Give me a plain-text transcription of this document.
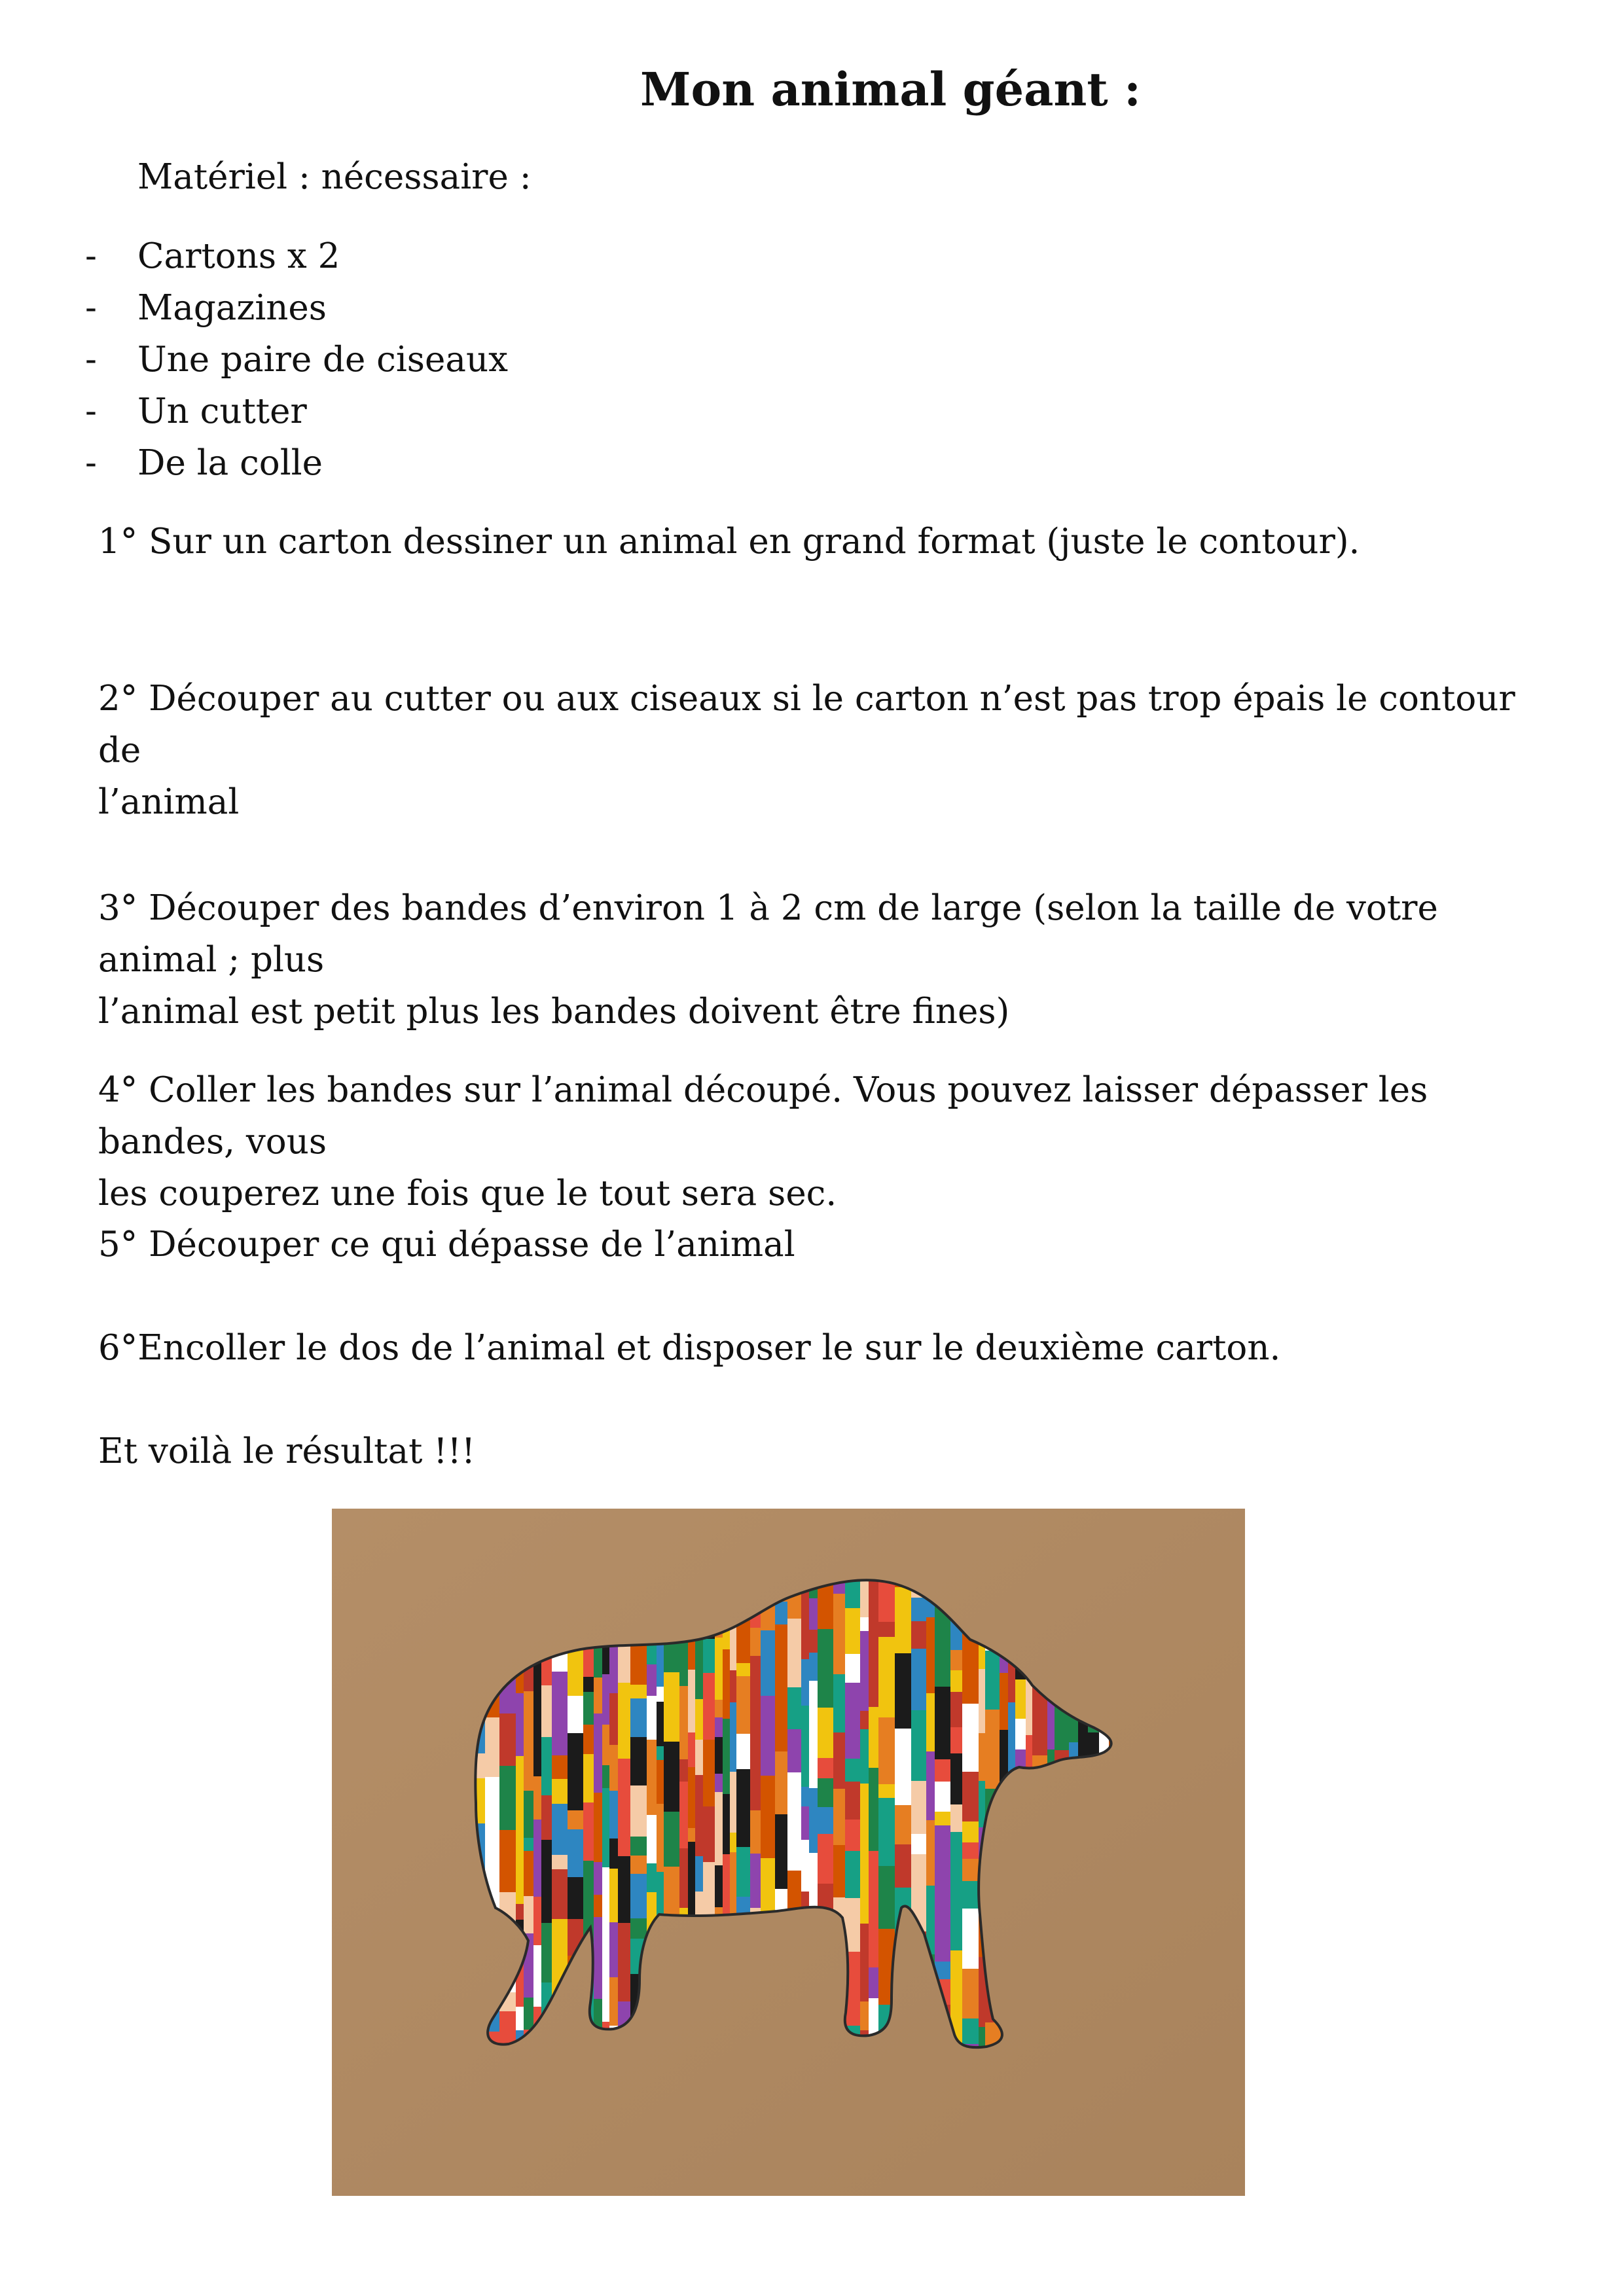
Mon animal géant :
Matériel : nécessaire :
- Cartons x 2
- Magazines
- Une paire de ciseaux
- Un cutter
- De la colle
1° Sur un carton dessiner un animal en grand format (juste le contour).
2° Découper au cutter ou aux ciseaux si le carton n’est pas trop épais le contour de
l’animal
3° Découper des bandes d’environ 1 à 2 cm de large (selon la taille de votre animal ; plus
l’animal est petit plus les bandes doivent être fines)
4° Coller les bandes sur l’animal découpé. Vous pouvez laisser dépasser les bandes, vous
les couperez une fois que le tout sera sec.
5° Découper ce qui dépasse de l’animal
6°Encoller le dos de l’animal et disposer le sur le deuxième carton.
Et voilà le résultat !!!
